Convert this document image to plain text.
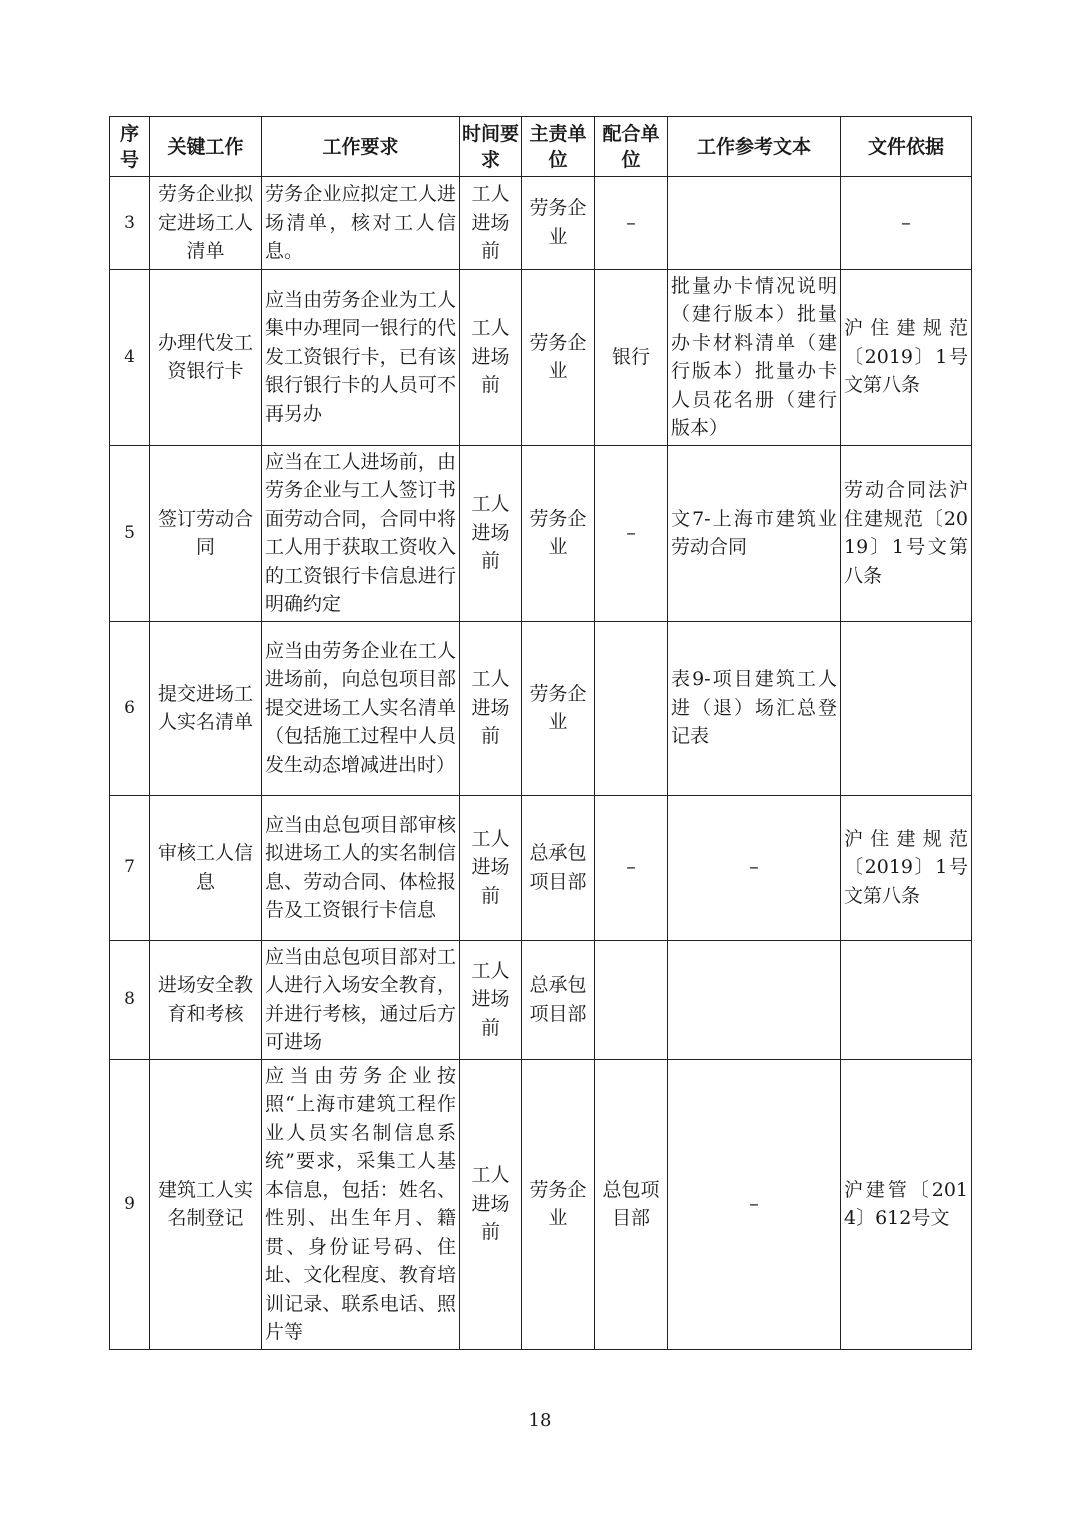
序号	关键工作	工作要求	时间要求	主责单位	配合单位	工作参考文本	文件依据
3	劳务企业拟定进场工人清单	劳务企业应拟定工人进场清单，核对工人信息。	工人进场前	劳务企业	–		–
4	办理代发工资银行卡	应当由劳务企业为工人集中办理同一银行的代发工资银行卡，已有该银行银行卡的人员可不再另办	工人进场前	劳务企业	银行	批量办卡情况说明（建行版本）批量办卡材料清单（建行版本）批量办卡人员花名册（建行版本）	沪住建规范〔2019〕1号文第八条
5	签订劳动合同	应当在工人进场前，由劳务企业与工人签订书面劳动合同，合同中将工人用于获取工资收入的工资银行卡信息进行明确约定	工人进场前	劳务企业	–	文7-上海市建筑业劳动合同	劳动合同法沪住建规范〔2019〕1号文第八条
6	提交进场工人实名清单	应当由劳务企业在工人进场前，向总包项目部提交进场工人实名清单（包括施工过程中人员发生动态增减进出时）	工人进场前	劳务企业		表9-项目建筑工人进（退）场汇总登记表	
7	审核工人信息	应当由总包项目部审核拟进场工人的实名制信息、劳动合同、体检报告及工资银行卡信息	工人进场前	总承包项目部	–	–	沪住建规范〔2019〕1号文第八条
8	进场安全教育和考核	应当由总包项目部对工人进行入场安全教育，并进行考核，通过后方可进场	工人进场前	总承包项目部			
9	建筑工人实名制登记	应当由劳务企业按照“上海市建筑工程作业人员实名制信息系统”要求，采集工人基本信息，包括：姓名、性别、出生年月、籍贯、身份证号码、住址、文化程度、教育培训记录、联系电话、照片等	工人进场前	劳务企业	总包项目部	–	沪建管〔2014〕612号文
18
